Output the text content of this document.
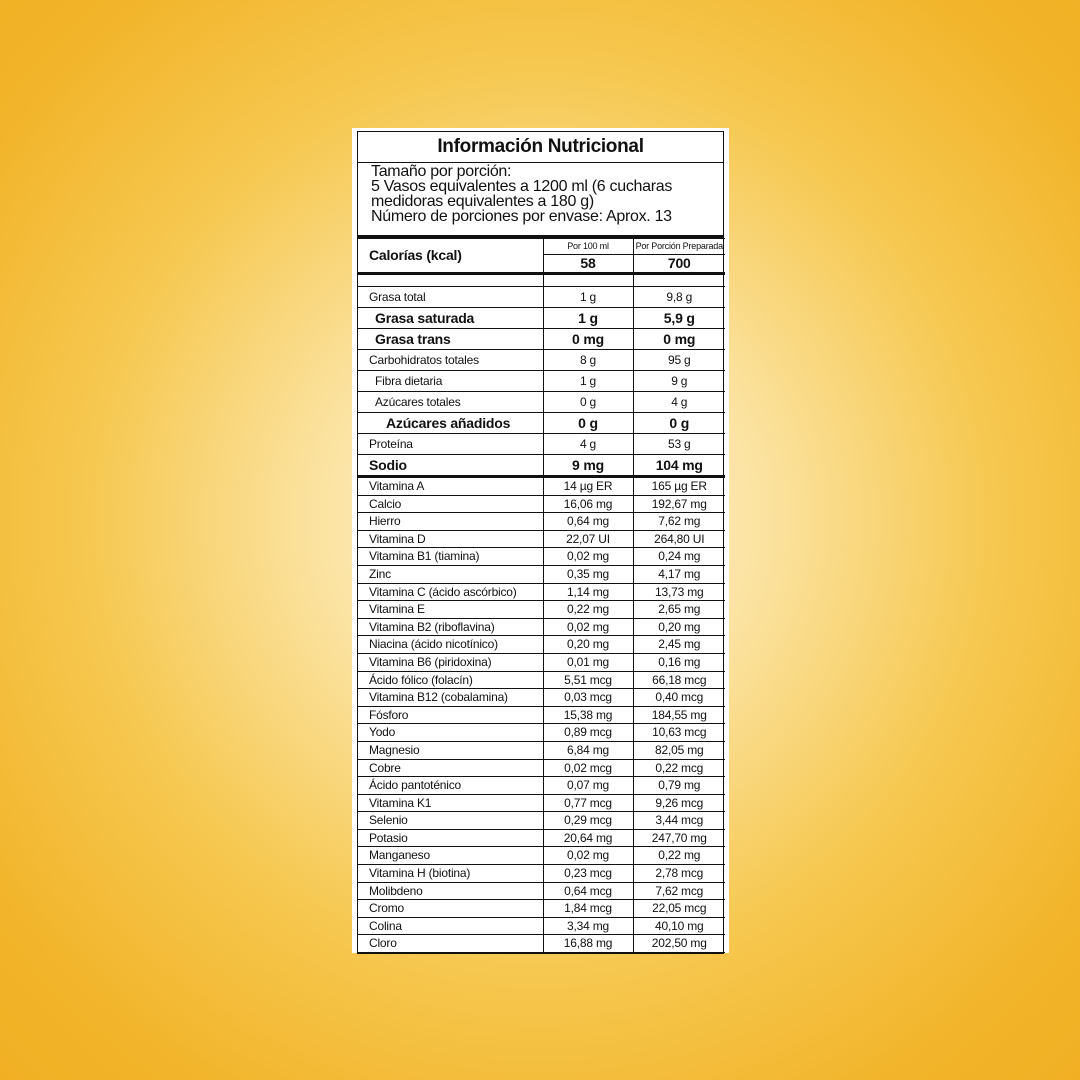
Información Nutricional
Tamaño por porción:
5 Vasos equivalentes a 1200 ml (6 cucharas
medidoras equivalentes a 180 g)
Número de porciones por envase: Aprox. 13
Calorías (kcal)	Por 100 ml	Por Porción Preparada
	58	700

Grasa total	1 g	9,8 g
Grasa saturada	1 g	5,9 g
Grasa trans	0 mg	0 mg
Carbohidratos totales	8 g	95 g
Fibra dietaria	1 g	9 g
Azúcares totales	0 g	4 g
Azúcares añadidos	0 g	0 g
Proteína	4 g	53 g
Sodio	9 mg	104 mg
Vitamina A	14 µg ER	165 µg ER
Calcio	16,06 mg	192,67 mg
Hierro	0,64 mg	7,62 mg
Vitamina D	22,07 UI	264,80 UI
Vitamina B1 (tiamina)	0,02 mg	0,24 mg
Zinc	0,35 mg	4,17 mg
Vitamina C (ácido ascórbico)	1,14 mg	13,73 mg
Vitamina E	0,22 mg	2,65 mg
Vitamina B2 (riboflavina)	0,02 mg	0,20 mg
Niacina (ácido nicotínico)	0,20 mg	2,45 mg
Vitamina B6 (piridoxina)	0,01 mg	0,16 mg
Ácido fólico (folacín)	5,51 mcg	66,18 mcg
Vitamina B12 (cobalamina)	0,03 mcg	0,40 mcg
Fósforo	15,38 mg	184,55 mg
Yodo	0,89 mcg	10,63 mcg
Magnesio	6,84 mg	82,05 mg
Cobre	0,02 mcg	0,22 mcg
Ácido pantoténico	0,07 mg	0,79 mg
Vitamina K1	0,77 mcg	9,26 mcg
Selenio	0,29 mcg	3,44 mcg
Potasio	20,64 mg	247,70 mg
Manganeso	0,02 mg	0,22 mg
Vitamina H (biotina)	0,23 mcg	2,78 mcg
Molibdeno	0,64 mcg	7,62 mcg
Cromo	1,84 mcg	22,05 mcg
Colina	3,34 mg	40,10 mg
Cloro	16,88 mg	202,50 mg
